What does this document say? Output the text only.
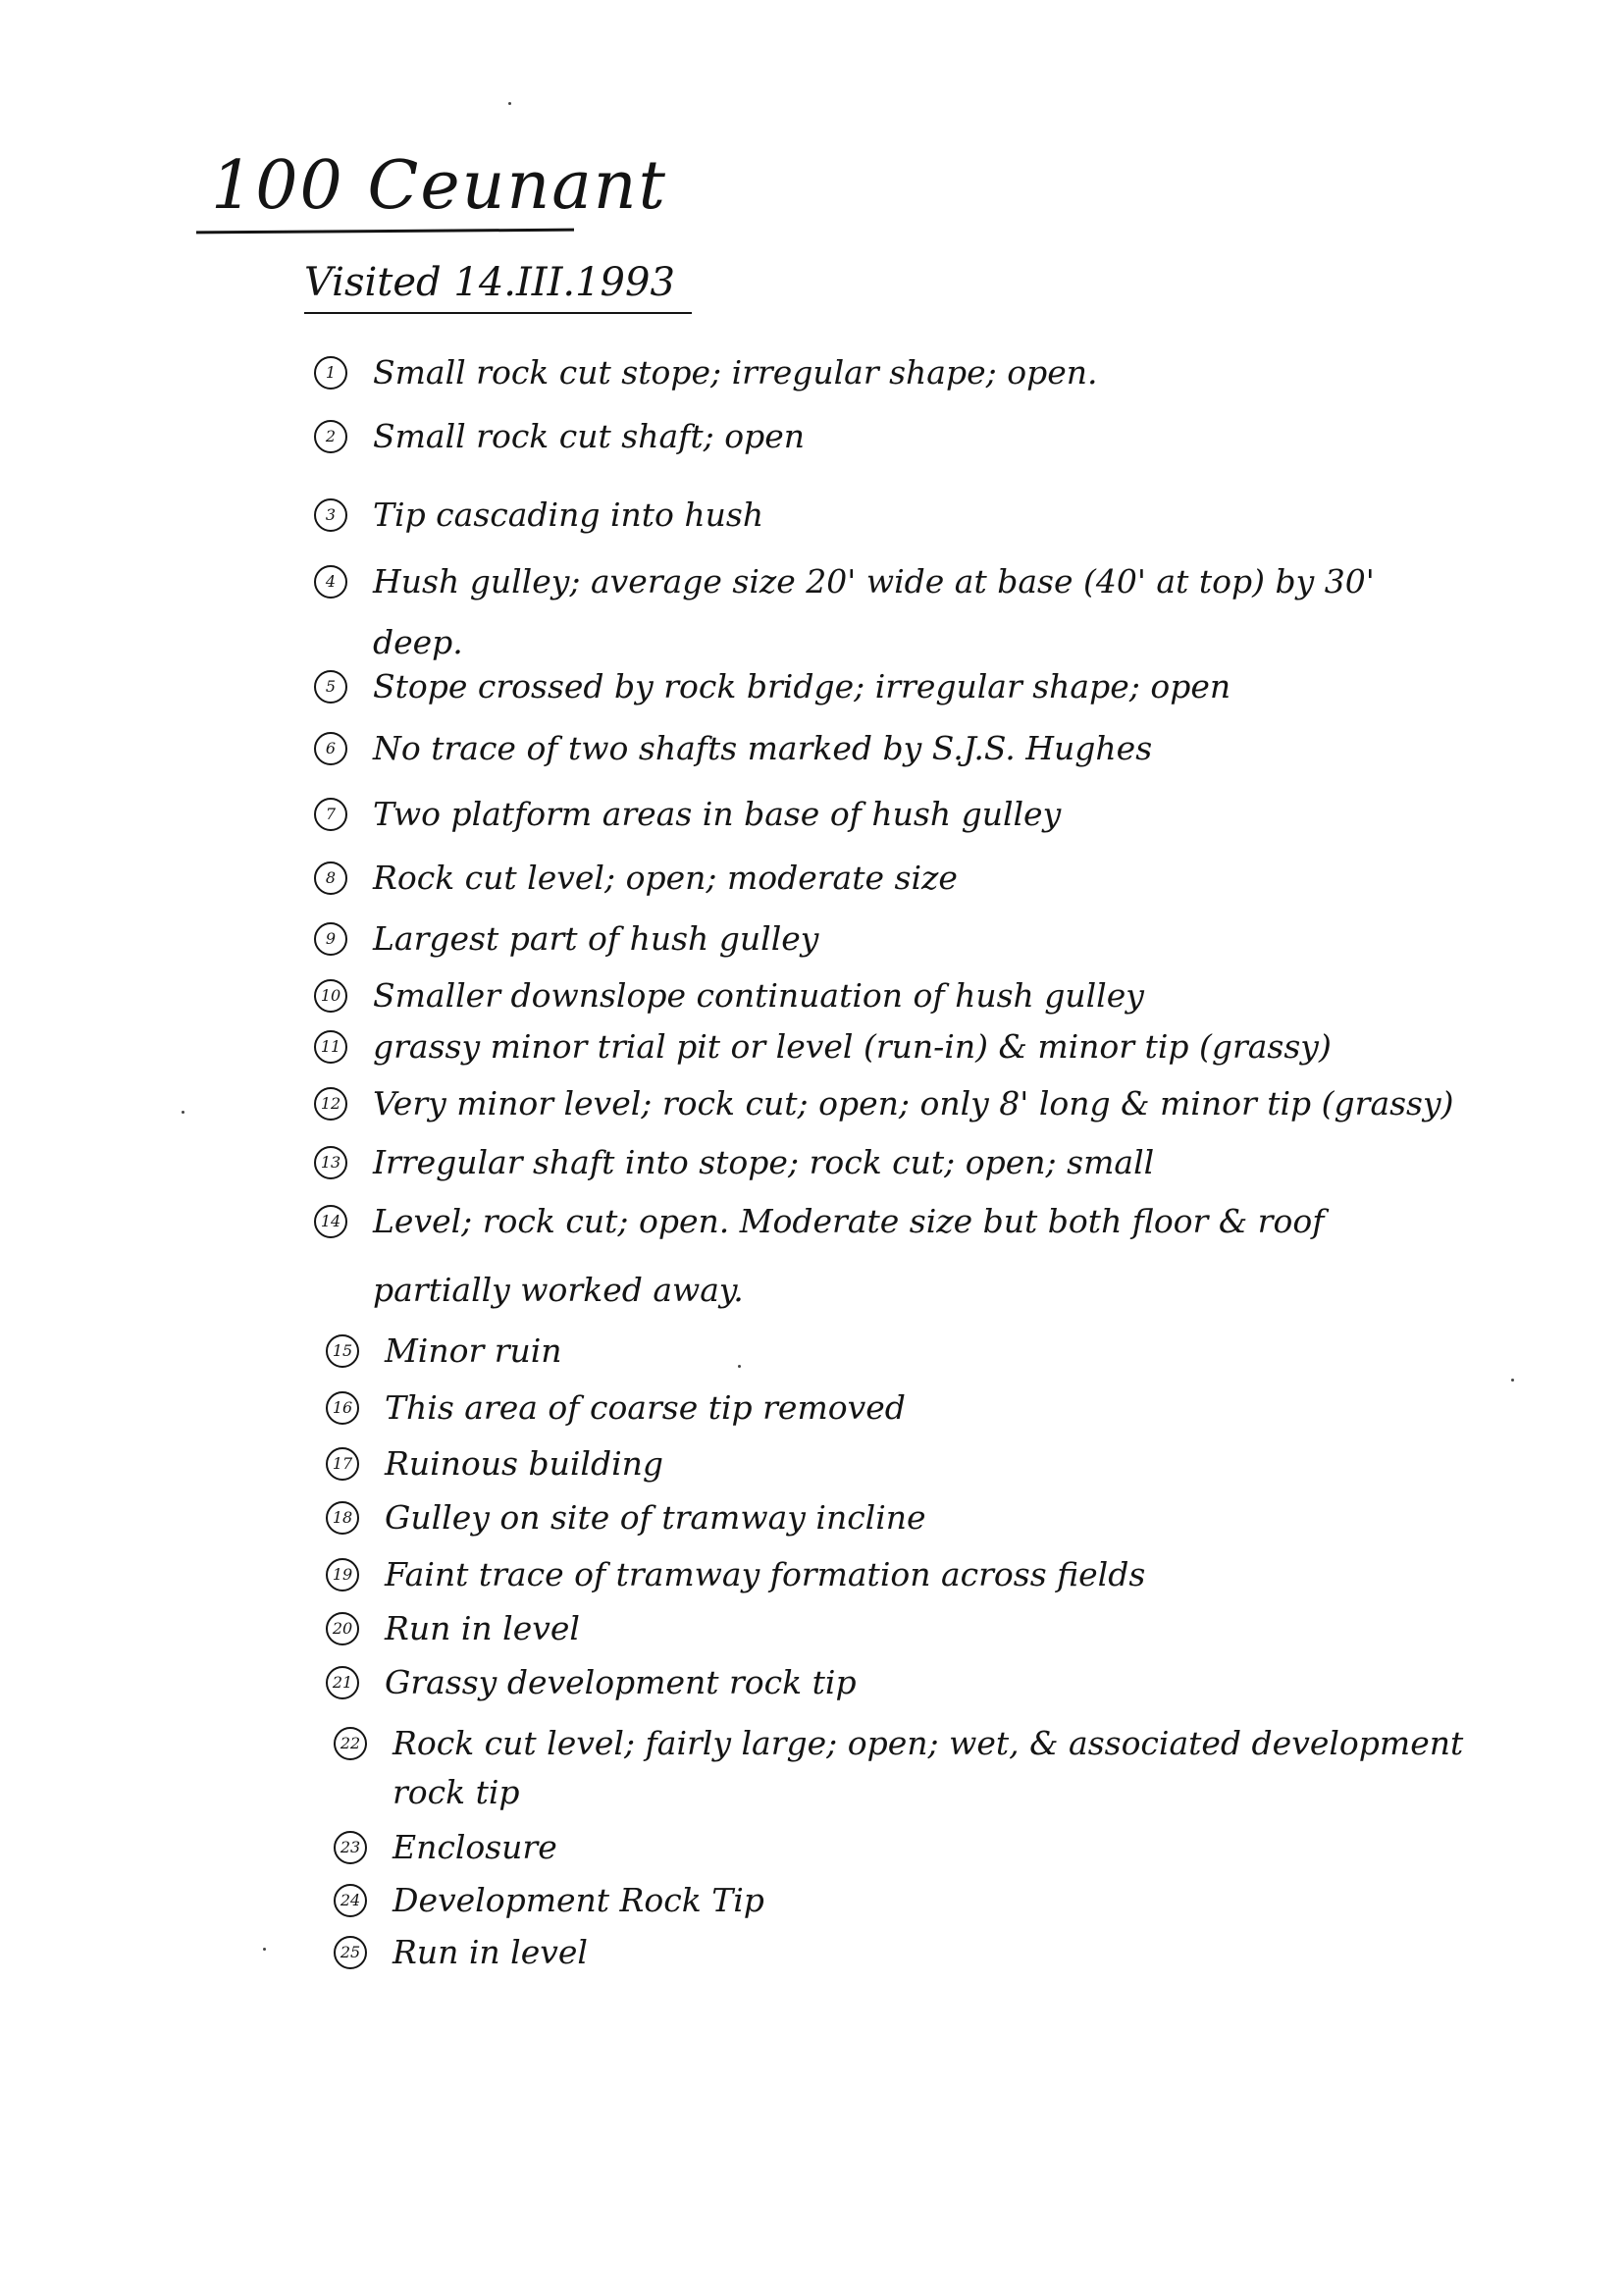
100 Ceunant
Visited 14.III.1993
1	Small rock cut stope; irregular shape; open.
2	Small rock cut shaft; open
3	Tip cascading into hush
4	Hush gulley; average size 20' wide at base (40' at top) by 30'
deep.
5	Stope crossed by rock bridge; irregular shape; open
6	No trace of two shafts marked by S.J.S. Hughes
7	Two platform areas in base of hush gulley
8	Rock cut level; open; moderate size
9	Largest part of hush gulley
10 Smaller downslope continuation of hush gulley
11 grassy minor trial pit or level (run-in) & minor tip (grassy)
12 Very minor level; rock cut; open; only 8' long & minor tip (grassy)
13 Irregular shaft into stope; rock cut; open; small
14 Level; rock cut; open. Moderate size but both floor & roof
partially worked away.
15 Minor ruin
16 This area of coarse tip removed
17 Ruinous building
18 Gulley on site of tramway incline
19 Faint trace of tramway formation across fields
20 Run in level
21 Grassy development rock tip
22 Rock cut level; fairly large; open; wet, & associated development
rock tip
23 Enclosure
24 Development Rock Tip
25 Run in level
